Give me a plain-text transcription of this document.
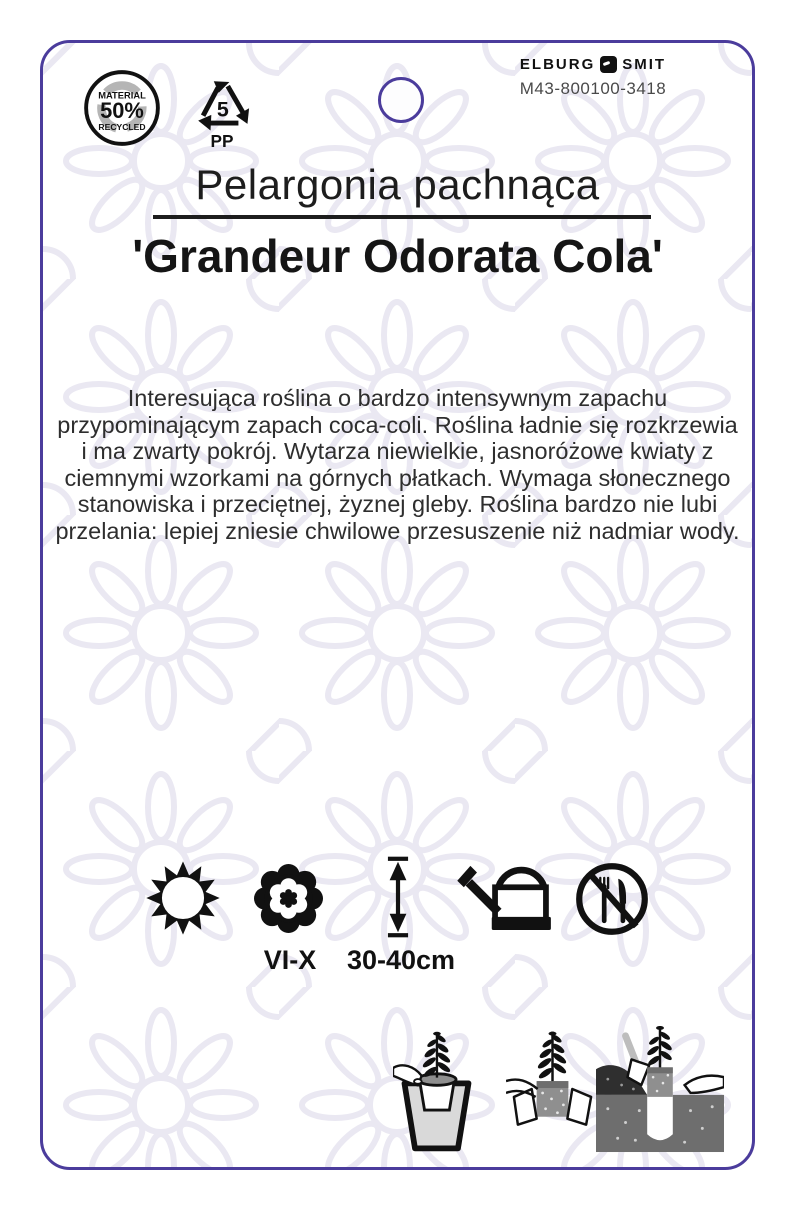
MATERIAL
50%
RECYCLED
5
PP
ELBURG SMIT
M43-800100-3418
Pelargonia pachnąca
'Grandeur Odorata Cola'
Interesująca roślina o bardzo intensywnym zapachu
przypominającym zapach coca-coli. Roślina ładnie się rozkrzewia
i ma zwarty pokrój. Wytarza niewielkie, jasnoróżowe kwiaty z
ciemnymi wzorkami na górnych płatkach. Wymaga słonecznego
stanowiska i przeciętnej, żyznej gleby. Roślina bardzo nie lubi
przelania: lepiej zniesie chwilowe przesuszenie niż nadmiar wody.
VI-X 30-40cm
